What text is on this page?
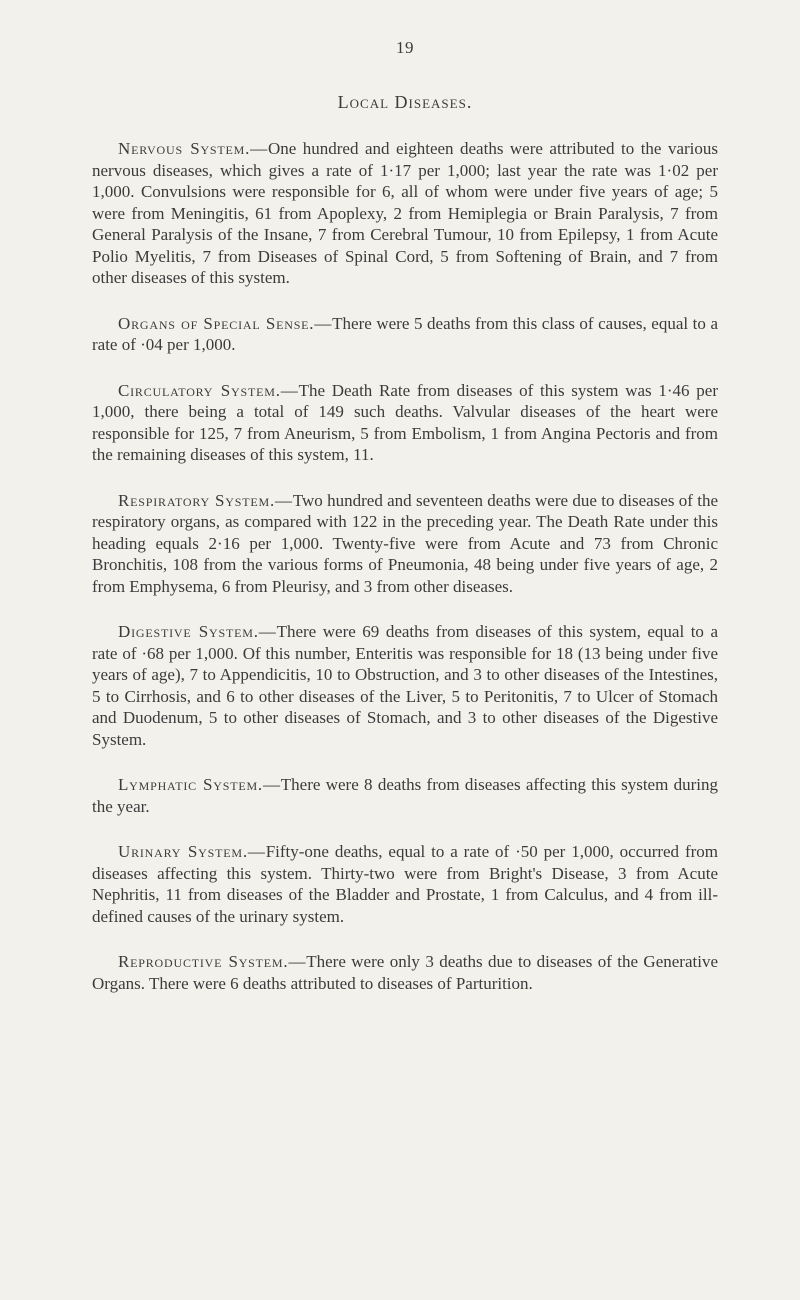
19
Local Diseases.

Nervous System.—One hundred and eighteen deaths were attributed to the various nervous diseases, which gives a rate of 1·17 per 1,000; last year the rate was 1·02 per 1,000. Convulsions were responsible for 6, all of whom were under five years of age; 5 were from Meningitis, 61 from Apoplexy, 2 from Hemiplegia or Brain Paralysis, 7 from General Paralysis of the Insane, 7 from Cerebral Tumour, 10 from Epilepsy, 1 from Acute Polio Myelitis, 7 from Diseases of Spinal Cord, 5 from Softening of Brain, and 7 from other diseases of this system.

Organs of Special Sense.—There were 5 deaths from this class of causes, equal to a rate of ·04 per 1,000.

Circulatory System.—The Death Rate from diseases of this system was 1·46 per 1,000, there being a total of 149 such deaths. Valvular diseases of the heart were responsible for 125, 7 from Aneurism, 5 from Embolism, 1 from Angina Pectoris and from the remaining diseases of this system, 11.

Respiratory System.—Two hundred and seventeen deaths were due to diseases of the respiratory organs, as compared with 122 in the preceding year. The Death Rate under this heading equals 2·16 per 1,000. Twenty-five were from Acute and 73 from Chronic Bronchitis, 108 from the various forms of Pneumonia, 48 being under five years of age, 2 from Emphysema, 6 from Pleurisy, and 3 from other diseases.

Digestive System.—There were 69 deaths from diseases of this system, equal to a rate of ·68 per 1,000. Of this number, Enteritis was responsible for 18 (13 being under five years of age), 7 to Appendicitis, 10 to Obstruction, and 3 to other diseases of the Intestines, 5 to Cirrhosis, and 6 to other diseases of the Liver, 5 to Peritonitis, 7 to Ulcer of Stomach and Duodenum, 5 to other diseases of Stomach, and 3 to other diseases of the Digestive System.

Lymphatic System.—There were 8 deaths from diseases affecting this system during the year.

Urinary System.—Fifty-one deaths, equal to a rate of ·50 per 1,000, occurred from diseases affecting this system. Thirty-two were from Bright's Disease, 3 from Acute Nephritis, 11 from diseases of the Bladder and Prostate, 1 from Calculus, and 4 from ill-defined causes of the urinary system.

Reproductive System.—There were only 3 deaths due to diseases of the Generative Organs. There were 6 deaths attributed to diseases of Parturition.
